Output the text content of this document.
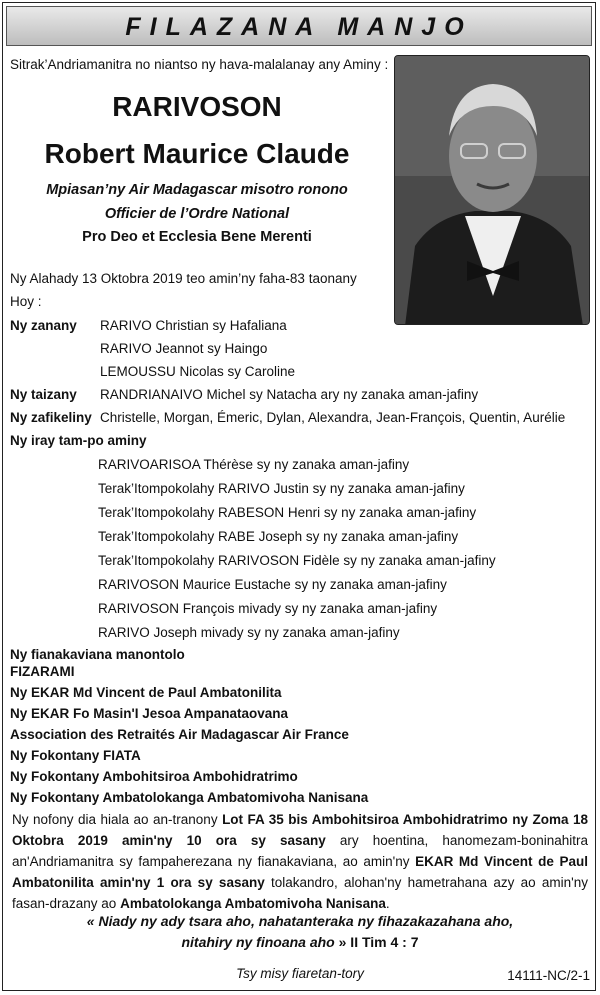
FILAZANA MANJO
Sitrak’Andriamanitra no niantso ny hava-malalanay any Aminy :
RARIVOSON
Robert Maurice Claude
Mpiasan’ny Air Madagascar misotro ronono
Officier de l’Ordre National
Pro Deo et Ecclesia Bene Merenti
Ny Alahady 13 Oktobra 2019 teo amin’ny faha-83 taonany
Hoy :
Ny zanany RARIVO Christian sy Hafaliana
RARIVO Jeannot sy Haingo
LEMOUSSU Nicolas sy Caroline
Ny taizany RANDRIANAIVO Michel sy Natacha ary ny zanaka aman-jafiny
Ny zafikeliny Christelle, Morgan, Émeric, Dylan, Alexandra, Jean-François, Quentin, Aurélie
Ny iray tam-po aminy
RARIVOARISOA Thérèse sy ny zanaka aman-jafiny
Terak’Itompokolahy RARIVO Justin sy ny zanaka aman-jafiny
Terak’Itompokolahy RABESON Henri sy ny zanaka aman-jafiny
Terak’Itompokolahy RABE Joseph sy ny zanaka aman-jafiny
Terak’Itompokolahy RARIVOSON Fidèle sy ny zanaka aman-jafiny
RARIVOSON Maurice Eustache sy ny zanaka aman-jafiny
RARIVOSON François mivady sy ny zanaka aman-jafiny
RARIVO Joseph mivady sy ny zanaka aman-jafiny
Ny fianakaviana manontolo
FIZARAMI
Ny EKAR Md Vincent de Paul Ambatonilita
Ny EKAR Fo Masin'I Jesoa Ampanataovana
Association des Retraités Air Madagascar Air France
Ny Fokontany FIATA
Ny Fokontany Ambohitsiroa Ambohidratrimo
Ny Fokontany Ambatolokanga Ambatomivoha Nanisana
Ny nofony dia hiala ao an-tranony Lot FA 35 bis Ambohitsiroa Ambohidratrimo ny Zoma 18 Oktobra 2019 amin'ny 10 ora sy sasany ary hoentina, hanomezam-boninahitra an'Andriamanitra sy fampaherezana ny fianakaviana, ao amin'ny EKAR Md Vincent de Paul Ambatonilita amin'ny 1 ora sy sasany tolakandro, alohan'ny hametrahana azy ao amin'ny fasan-drazany ao Ambatolokanga Ambatomivoha Nanisana.
« Niady ny ady tsara aho, nahatanteraka ny fihazakazahana aho,
nitahiry ny finoana aho » II Tim 4 : 7
Tsy misy fiaretan-tory	14111-NC/2-1
